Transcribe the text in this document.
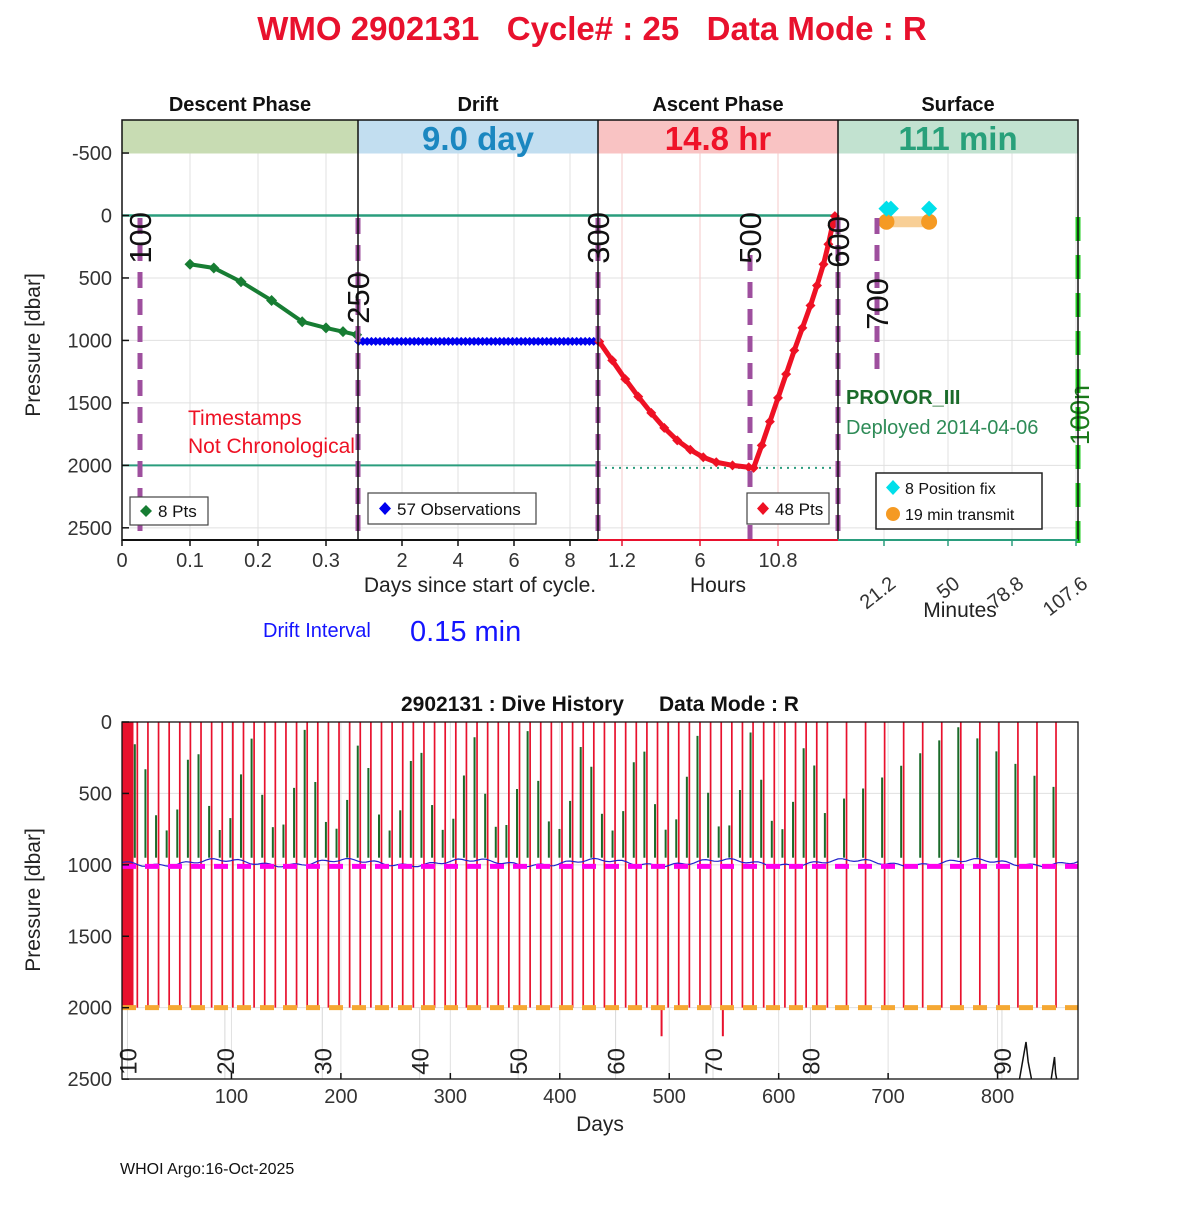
WMO 2902131   Cycle# : 25   Data Mode : R
Descent Phase	Drift	Ascent Phase	Surface
9.0 day	14.8 hr	111 min
100
250
300	500 600
700
100n
-500
0
500
1000
1500
2000
2500
0 0.1 0.2 0.3	2 4 6 8 1.2	6	10.8
21.2 50 78.8 107.6
Days since start of cycle.	Hours
Minutes
Pressure [dbar]
Timestamps
Not Chronological
PROVOR_III
Deployed 2014-04-06
Drift Interval 0.15 min
8 Pts	57 Observations	48 Pts
8 Position fix
19 min transmit
2902131 : Dive History      Data Mode : R
10	20	30	40	50	60	70	80	90
0
500
1000
1500
2000
2500
100	200	300	400	500	600	700	800
Days
Pressure [dbar]
WHOI Argo:16-Oct-2025
